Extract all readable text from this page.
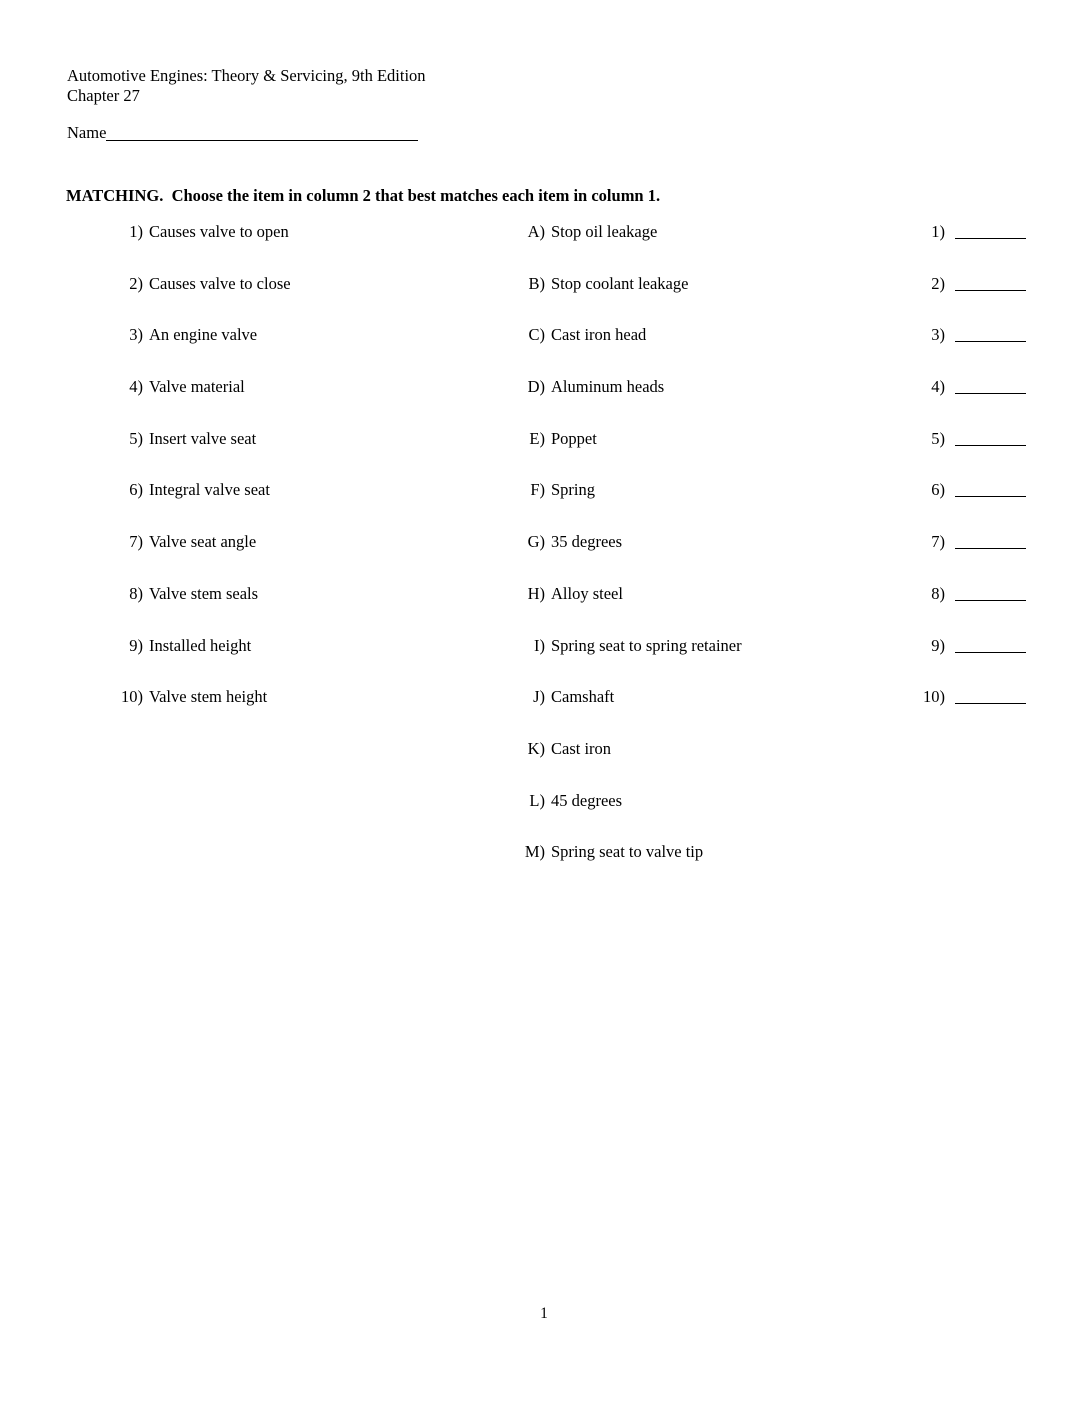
Automotive Engines: Theory & Servicing, 9th Edition
Chapter 27
Name
MATCHING.  Choose the item in column 2 that best matches each item in column 1.
1) Causes valve to open
2) Causes valve to close
3) An engine valve
4) Valve material
5) Insert valve seat
6) Integral valve seat
7) Valve seat angle
8) Valve stem seals
9) Installed height
10) Valve stem height
A) Stop oil leakage
B) Stop coolant leakage
C) Cast iron head
D) Aluminum heads
E) Poppet
F) Spring
G) 35 degrees
H) Alloy steel
I) Spring seat to spring retainer
J) Camshaft
K) Cast iron
L) 45 degrees
M) Spring seat to valve tip
1)
2)
3)
4)
5)
6)
7)
8)
9)
10)
1
